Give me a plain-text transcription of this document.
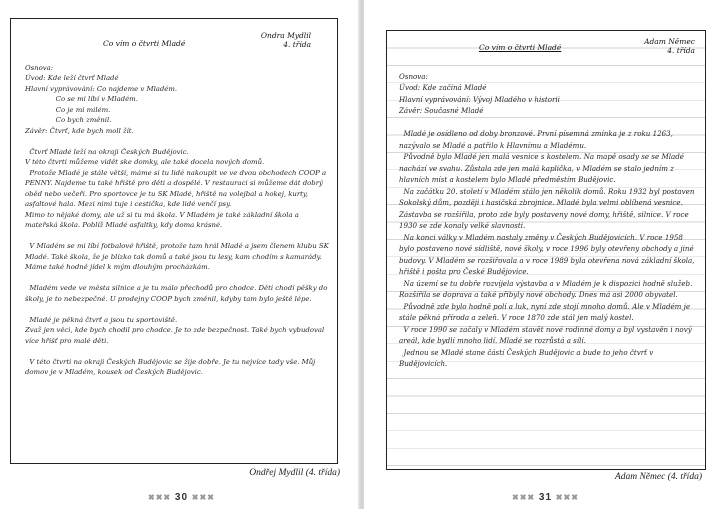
Co vím o čtvrti Mladé
Ondra Mydlil
4. třída

Osnova:
Úvod: Kde leží čtvrť Mladé
Hlavní vyprávování: Co najdeme v Mladém.
Co se mi líbí v Mladém.
Co je mi milém.
Co bych změnil.
Závěr: Čtvrť, kde bych moll žít.

Čtvrť Mladé leží na okraji Českých Budějovic.
V této čtvrti můžeme vidět ske domky, ale také docela nových domů.
Protože Mladé je stále větší, máme si tu lidé nakoupit ve ve dvou obchodech COOP a PENNY. Najdeme tu také hřiště pro děti a dospělé. V restauraci si můžeme dát dobrý oběd nebo večeři. Pro sportovce je tu SK Mladé, hřiště na volejbal a hokej, kurty, asfaltové hala. Mezi nimi tuje i cestička, kde lidé venčí psy.
Mimo to nějaké domy, ale už si tu má škola. V Mladém je také základní škola a mateřská škola. Poblíž Mladé asfaltky, kdy doma krásné.

V Mladém se mi líbí fotbalové hřiště, protože tam hrál Mladé a jsem členem klubu SK Mladé. Také škola, že je blízko tak domů a také jsou tu lesy, kam chodím s kamarády. Máme také hodně jídel k mým dlouhým procházkám.

Mladém vede ve města silnice a je tu málo přechodů pro chodce. Děti chodí pěšky do školy, je to nebezpečné. U prodejny COOP bych změnil, kdyby tam bylo ještě lépe.

Mladé je pěkná čtvrť a jsou tu sportoviště.
Zvaž jen věci, kde bych chodil pro chodce. Je to zde bezpečnost. Také bych vybudoval více hřišť pro malé děti.

V této čtvrti na okraji Českých Budějovic se žije dobře. Je tu nejvíce tady vše. Můj domov je v Mladém, kousek od Českých Budějovic.

Ondřej Mydlil (4. třída)
✖✖✖ 30 ✖✖✖
Co vím o čtvrti Mladé
Adam Němec
4. třída

Osnova:
Úvod: Kde začíná Mladé
Hlavní vyprávování: Vývoj Mladého v historii
Závěr: Současné Mladé

Mladé je osídleno od doby bronzové. První písemná zmínka je z roku 1263, nazývalo se Mladé a patřilo k Hlavnímu a Mladému.
Původně bylo Mladé jen malá vesnice s kostelem. Na mapě osady se se Mladé nachází ve svahu. Zůstala zde jen malá kaplička, v Mladém se stalo jedním z hlavních míst a kostelem bylo Mladé předměstím Budějovic.
Na začátku 20. století v Mladém stálo jen několik domů. Roku 1932 byl postaven Sokolský dům, později i hasičská zbrojnice. Mladé byla velmi oblíbená vesnice. Zástavba se rozšířila, proto zde byly postaveny nové domy, hřiště, silnice. V roce 1930 se zde konaly velké slavnosti.
Na konci války v Mladém nastaly změny v Českých Budějovicích. V roce 1958 bylo postaveno nové sídliště, nové školy, v roce 1996 byly otevřeny obchody a jiné budovy. V Mladém se rozšiřovala a v roce 1989 byla otevřena nová základní škola, hřiště i pošta pro České Budějovice.
Na území se tu dobře rozvíjela výstavba a v Mladém je k dispozici hodně služeb. Rozšířila se doprava a také přibyly nové obchody. Dnes má asi 2000 obyvatel.
Původně zde bylo hodně polí a luk, nyní zde stojí mnoho domů. Ale v Mladém je stále pěkná příroda a zeleň. V roce 1870 zde stál jen malý kostel.
V roce 1990 se začaly v Mladém stavět nové rodinné domy a byl vystavěn i nový areál, kde bydlí mnoho lidí. Mladé se rozrůstá a sílí.
Jednou se Mladé stane částí Českých Budějovic a bude to jeho čtvrť v Budějovicích.

Adam Němec (4. třída)
✖✖✖ 31 ✖✖✖
